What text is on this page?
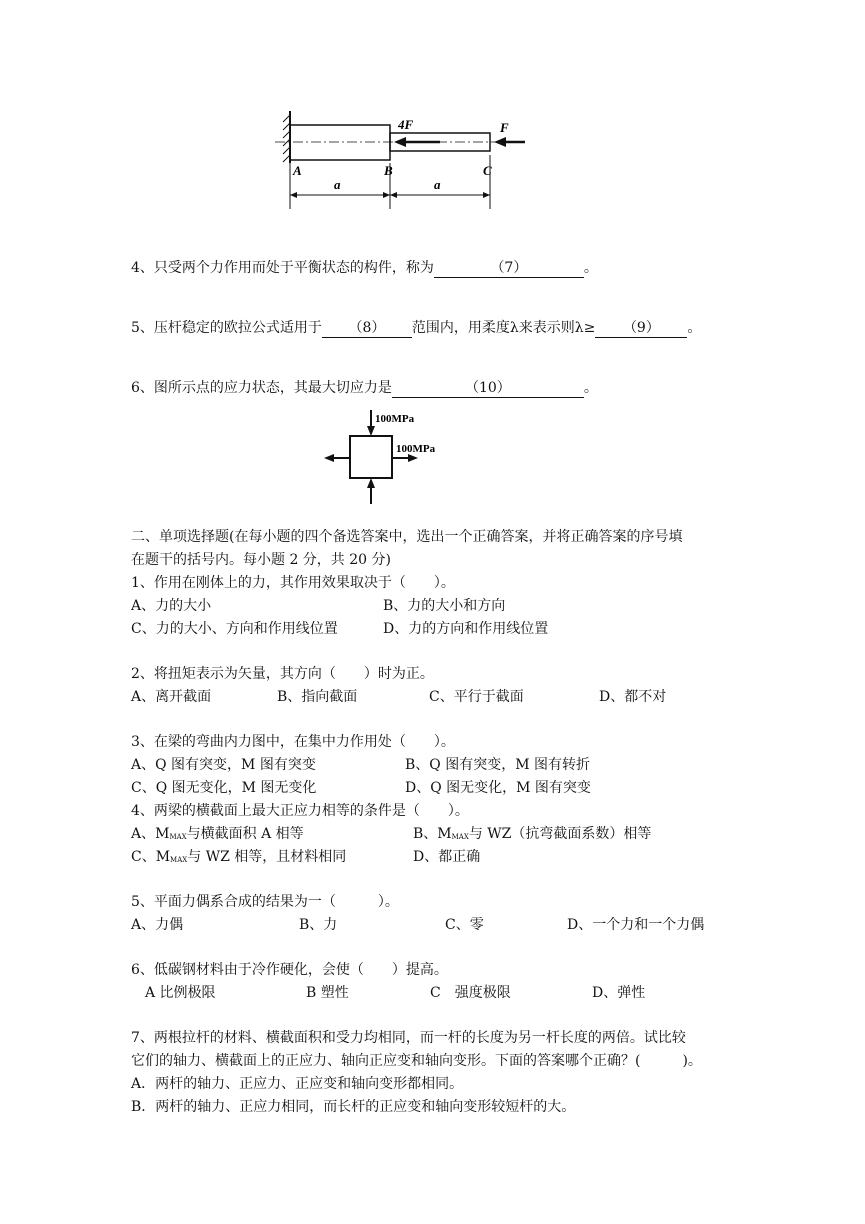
4F	F
A	B	C
a	a
4、只受两个力作用而处于平衡状态的构件，称为	（7）	。
5、压杆稳定的欧拉公式适用于 （8） 范围内，用柔度λ来表示则λ≥ （9） 。
6、图所示点的应力状态，其最大切应力是	（10）	。
100MPa
100MPa
二、单项选择题(在每小题的四个备选答案中，选出一个正确答案，并将正确答案的序号填
在题干的括号内。每小题 2 分，共 20 分)
1、作用在刚体上的力，其作用效果取决于（　　）。
A、力的大小	B、力的大小和方向
C、力的大小、方向和作用线位置	D、力的方向和作用线位置
2、将扭矩表示为矢量，其方向（　　）时为正。
A、离开截面	B、指向截面	C、平行于截面	D、都不对
3、在梁的弯曲内力图中，在集中力作用处（　　）。
A、Q 图有突变，M 图有突变	B、Q 图有突变，M 图有转折
C、Q 图无变化，M 图无变化	D、Q 图无变化，M 图有突变
4、两梁的横截面上最大正应力相等的条件是（　　）。
A、$M_{MAX}$与横截面积 A 相等	B、$M_{MAX}$与 WZ（抗弯截面系数）相等
C、$M_{MAX}$与 WZ 相等，且材料相同	D、都正确
5、平面力偶系合成的结果为一（　　　）。
A、力偶	B、力	C、零	D、一个力和一个力偶
6、低碳钢材料由于冷作硬化，会使（　　）提高。
A 比例极限	B 塑性	C　强度极限	D、弹性
7、两根拉杆的材料、横截面积和受力均相同，而一杆的长度为另一杆长度的两倍。试比较
它们的轴力、横截面上的正应力、轴向正应变和轴向变形。下面的答案哪个正确？(　　　)。
A．两杆的轴力、正应力、正应变和轴向变形都相同。
B．两杆的轴力、正应力相同，而长杆的正应变和轴向变形较短杆的大。
